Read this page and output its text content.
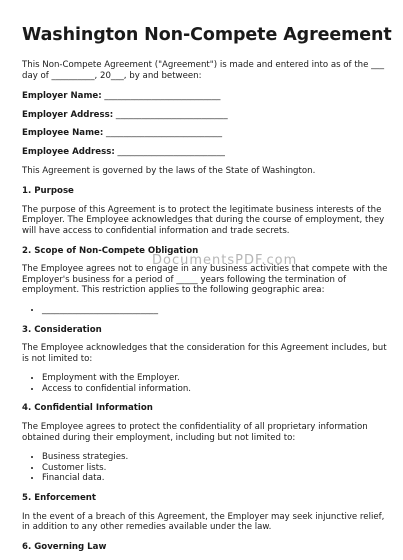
Washington Non-Compete Agreement

This Non-Compete Agreement ("Agreement") is made and entered into as of the ___ day of __________, 20___, by and between:

Employer Name: ___________________________
Employer Address: __________________________
Employee Name: ___________________________
Employee Address: _________________________

This Agreement is governed by the laws of the State of Washington.

1. Purpose

The purpose of this Agreement is to protect the legitimate business interests of the Employer. The Employee acknowledges that during the course of employment, they will have access to confidential information and trade secrets.

2. Scope of Non-Compete Obligation

The Employee agrees not to engage in any business activities that compete with the Employer's business for a period of _____ years following the termination of employment. This restriction applies to the following geographic area:

• ___________________________
3. Consideration

The Employee acknowledges that the consideration for this Agreement includes, but is not limited to:

• Employment with the Employer.
• Access to confidential information.
4. Confidential Information

The Employee agrees to protect the confidentiality of all proprietary information obtained during their employment, including but not limited to:

• Business strategies.
• Customer lists.
• Financial data.
5. Enforcement

In the event of a breach of this Agreement, the Employer may seek injunctive relief, in addition to any other remedies available under the law.

6. Governing Law
DocumentsPDF.com
